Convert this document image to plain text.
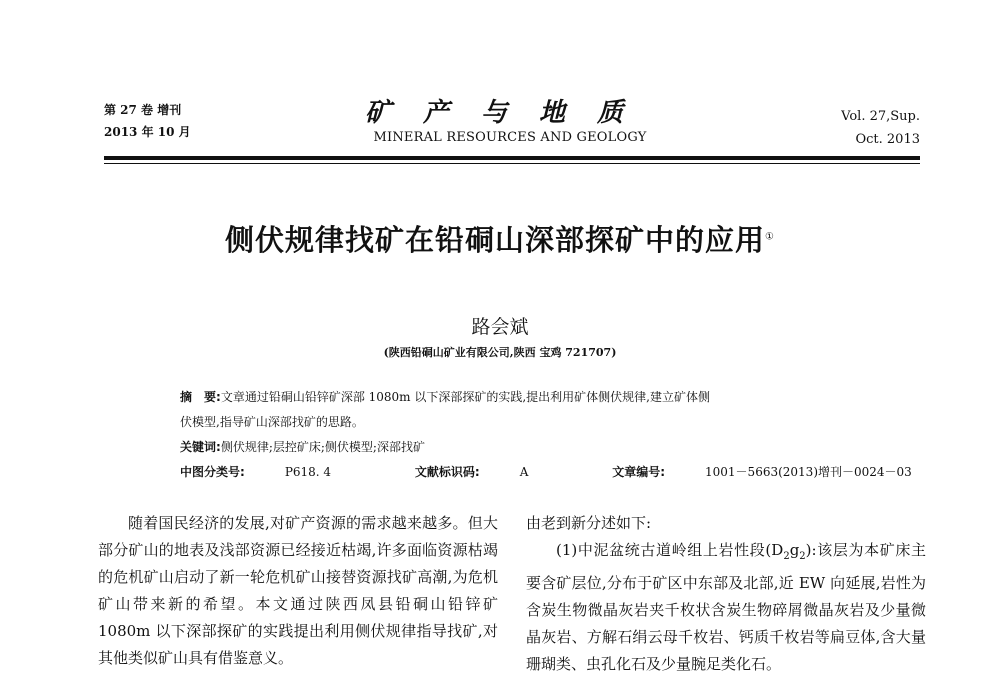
第 27 卷 增刊
2013 年 10 月
矿产与地质
MINERAL RESOURCES AND GEOLOGY
Vol. 27,Sup.
Oct. 2013
侧伏规律找矿在铅硐山深部探矿中的应用①
路会斌
(陕西铅硐山矿业有限公司,陕西 宝鸡 721707)
摘　要:文章通过铅硐山铅锌矿深部 1080m 以下深部探矿的实践,提出利用矿体侧伏规律,建立矿体侧
伏模型,指导矿山深部找矿的思路。
关键词:侧伏规律;层控矿床;侧伏模型;深部找矿
中图分类号:	P618. 4	文献标识码:	A	文章编号:	1001－5663(2013)增刊－0024－03

随着国民经济的发展,对矿产资源的需求越来越多。但大部分矿山的地表及浅部资源已经接近枯竭,许多面临资源枯竭的危机矿山启动了新一轮危机矿山接替资源找矿高潮,为危机矿山带来新的希望。本文通过陕西凤县铅硐山铅锌矿 1080m 以下深部探矿的实践提出利用侧伏规律指导找矿,对其他类似矿山具有借鉴意义。

由老到新分述如下:

(1)中泥盆统古道岭组上岩性段$(D_2g_2)$:该层为本矿床主要含矿层位,分布于矿区中东部及北部,近 EW 向延展,岩性为含炭生物微晶灰岩夹千枚状含炭生物碎屑微晶灰岩及少量微晶灰岩、方解石绢云母千枚岩、钙质千枚岩等扁豆体,含大量珊瑚类、虫孔化石及少量腕足类化石。
